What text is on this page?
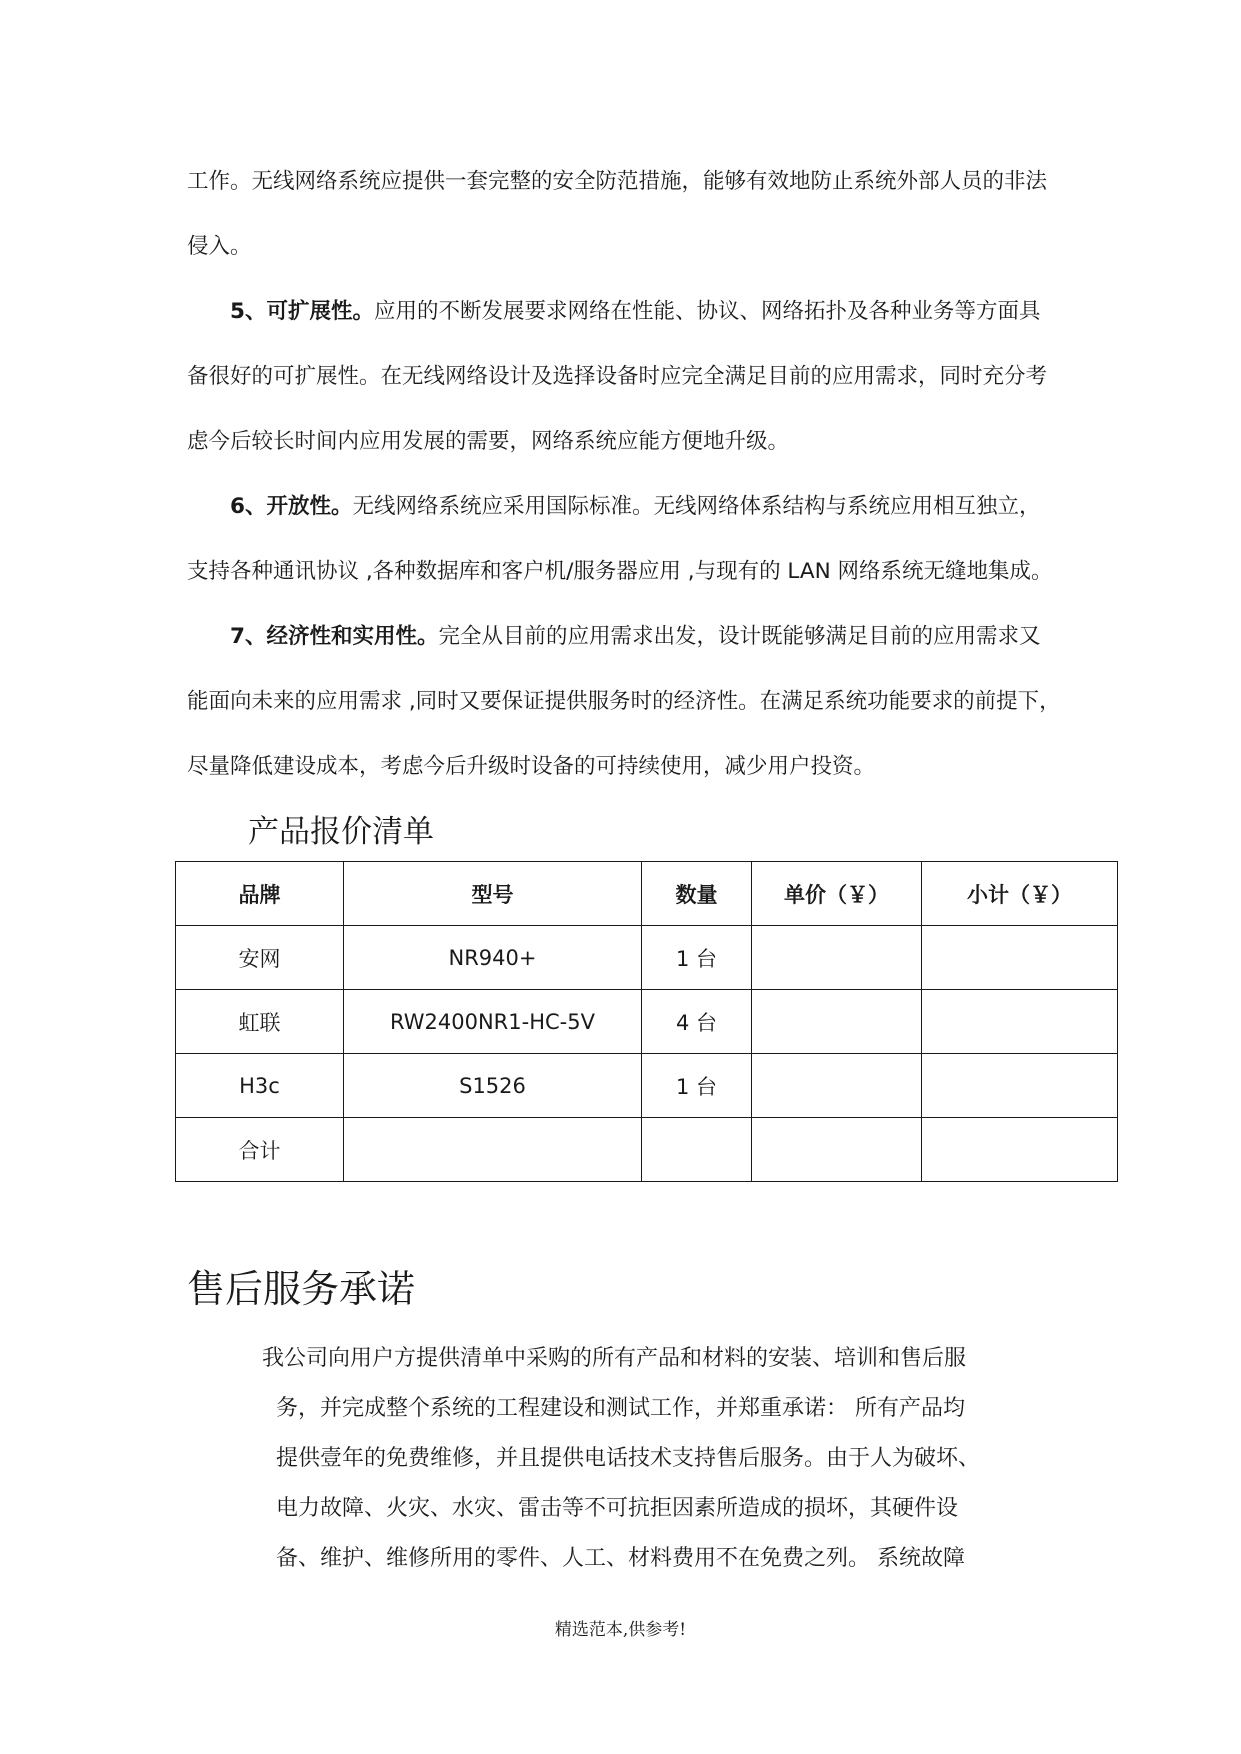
工作。无线网络系统应提供一套完整的安全防范措施，能够有效地防止系统外部人员的非法
侵入。
5、可扩展性。应用的不断发展要求网络在性能、协议、网络拓扑及各种业务等方面具
备很好的可扩展性。在无线网络设计及选择设备时应完全满足目前的应用需求，同时充分考
虑今后较长时间内应用发展的需要，网络系统应能方便地升级。
6、开放性。无线网络系统应采用国际标准。无线网络体系结构与系统应用相互独立，
支持各种通讯协议 ,各种数据库和客户机/服务器应用 ,与现有的 LAN 网络系统无缝地集成。
7、经济性和实用性。完全从目前的应用需求出发，设计既能够满足目前的应用需求又
能面向未来的应用需求 ,同时又要保证提供服务时的经济性。在满足系统功能要求的前提下，
尽量降低建设成本，考虑今后升级时设备的可持续使用，减少用户投资。
产品报价清单
品牌	型号	数量	单价（￥）	小计（￥）
安网	NR940+	1 台		
虹联	RW2400NR1-HC-5V	4 台		
H3c	S1526	1 台		
合计				
售后服务承诺
我公司向用户方提供清单中采购的所有产品和材料的安装、培训和售后服
务，并完成整个系统的工程建设和测试工作，并郑重承诺： 所有产品均
提供壹年的免费维修，并且提供电话技术支持售后服务。由于人为破坏、
电力故障、火灾、水灾、雷击等不可抗拒因素所造成的损坏，其硬件设
备、维护、维修所用的零件、人工、材料费用不在免费之列。 系统故障
精选范本,供参考!
